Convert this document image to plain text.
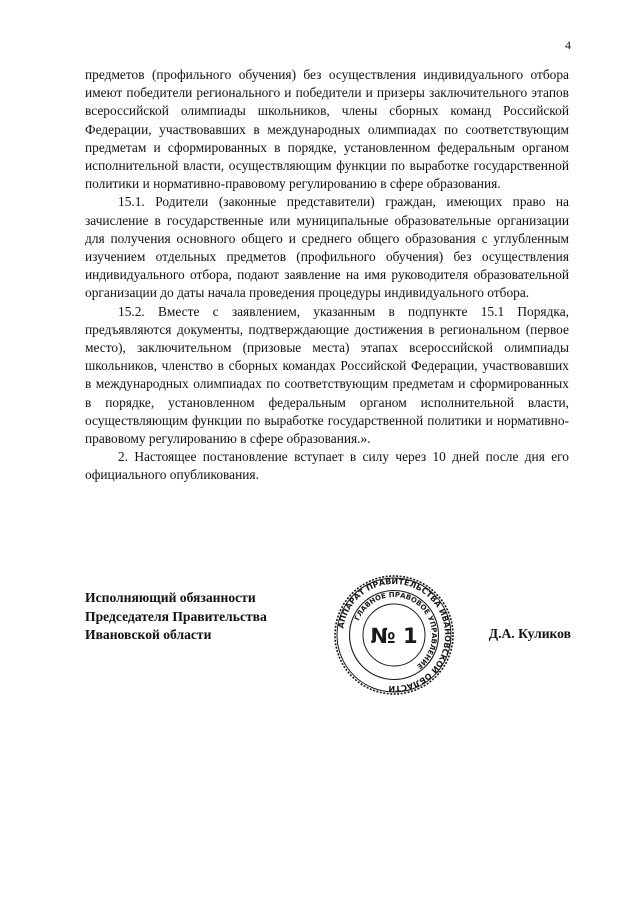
4

предметов (профильного обучения) без осуществления индивидуального отбора имеют победители регионального и победители и призеры заключительного этапов всероссийской олимпиады школьников, члены сборных команд Российской Федерации, участвовавших в международных олимпиадах по соответствующим предметам и сформированных в порядке, установленном федеральным органом исполнительной власти, осуществляющим функции по выработке государственной политики и нормативно-правовому регулированию в сфере образования.

15.1. Родители (законные представители) граждан, имеющих право на зачисление в государственные или муниципальные образовательные организации для получения основного общего и среднего общего образования с углубленным изучением отдельных предметов (профильного обучения) без осуществления индивидуального отбора, подают заявление на имя руководителя образовательной организации до даты начала проведения процедуры индивидуального отбора.

15.2. Вместе с заявлением, указанным в подпункте 15.1 Порядка, предъявляются документы, подтверждающие достижения в региональном (первое место), заключительном (призовые места) этапах всероссийской олимпиады школьников, членство в сборных командах Российской Федерации, участвовавших в международных олимпиадах по соответствующим предметам и сформированных в порядке, установленном федеральным органом исполнительной власти, осуществляющим функции по выработке государственной политики и нормативно-правовому регулированию в сфере образования.».

2. Настоящее постановление вступает в силу через 10 дней после дня его официального опубликования.

Исполняющий обязанности
Председателя Правительства
Ивановской области
АППАРАТ ПРАВИТЕЛЬСТВА ИВАНОВСКОЙ ОБЛАСТИ
ГЛАВНОЕ ПРАВОВОЕ УПРАВЛЕНИЕ
№ 1	Д.А. Куликов
